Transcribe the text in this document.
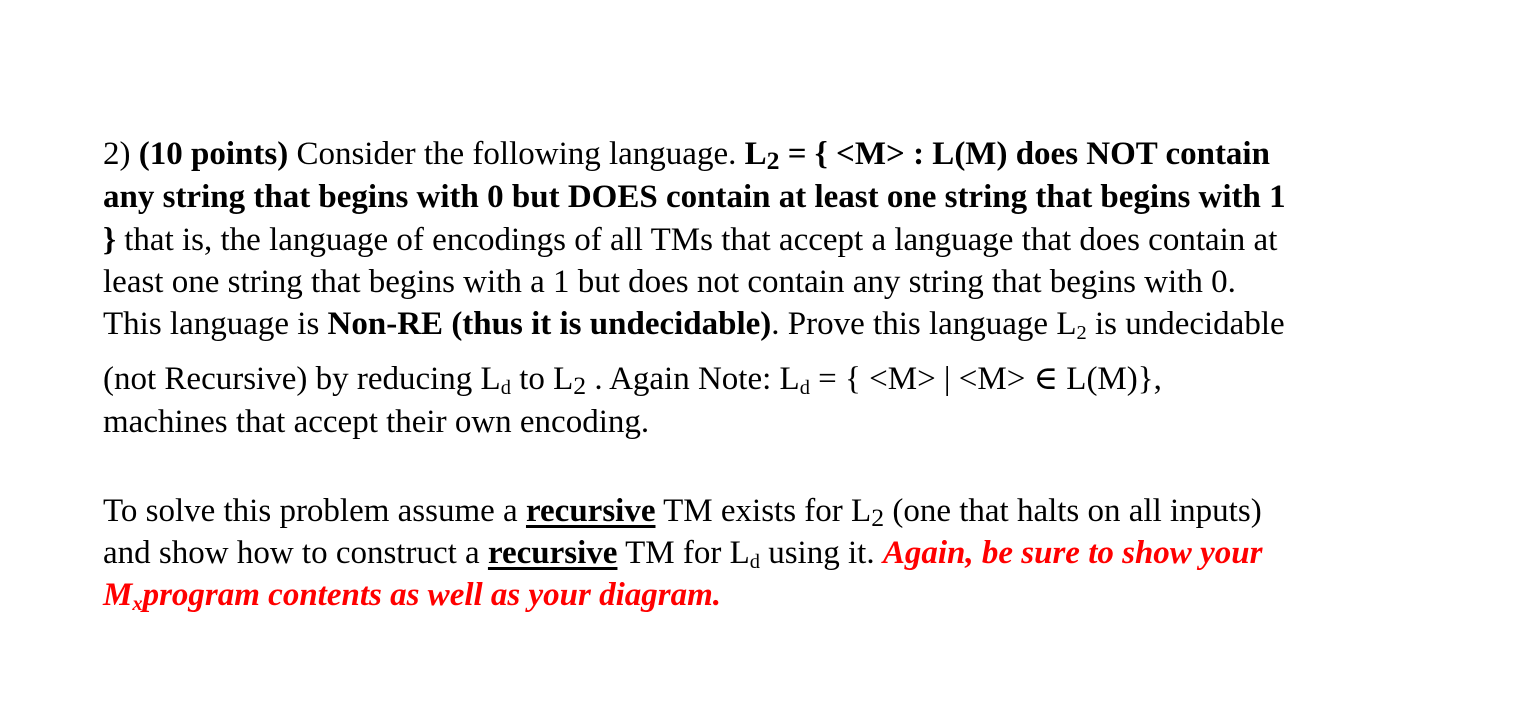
2) (10 points) Consider the following language. L2 = { <M> : L(M) does NOT contain
any string that begins with 0 but DOES contain at least one string that begins with 1
} that is, the language of encodings of all TMs that accept a language that does contain at
least one string that begins with a 1 but does not contain any string that begins with 0.
This language is Non-RE (thus it is undecidable). Prove this language $L_2$ is undecidable
(not Recursive) by reducing $L_d$ to L2 . Again Note: $L_d$ = { <M> | <M> ∈ L(M)},
machines that accept their own encoding.
To solve this problem assume a recursive TM exists for L2 (one that halts on all inputs)
and show how to construct a recursive TM for $L_d$ using it. Again, be sure to show your
$M_xprogram$ contents as well as your diagram.
